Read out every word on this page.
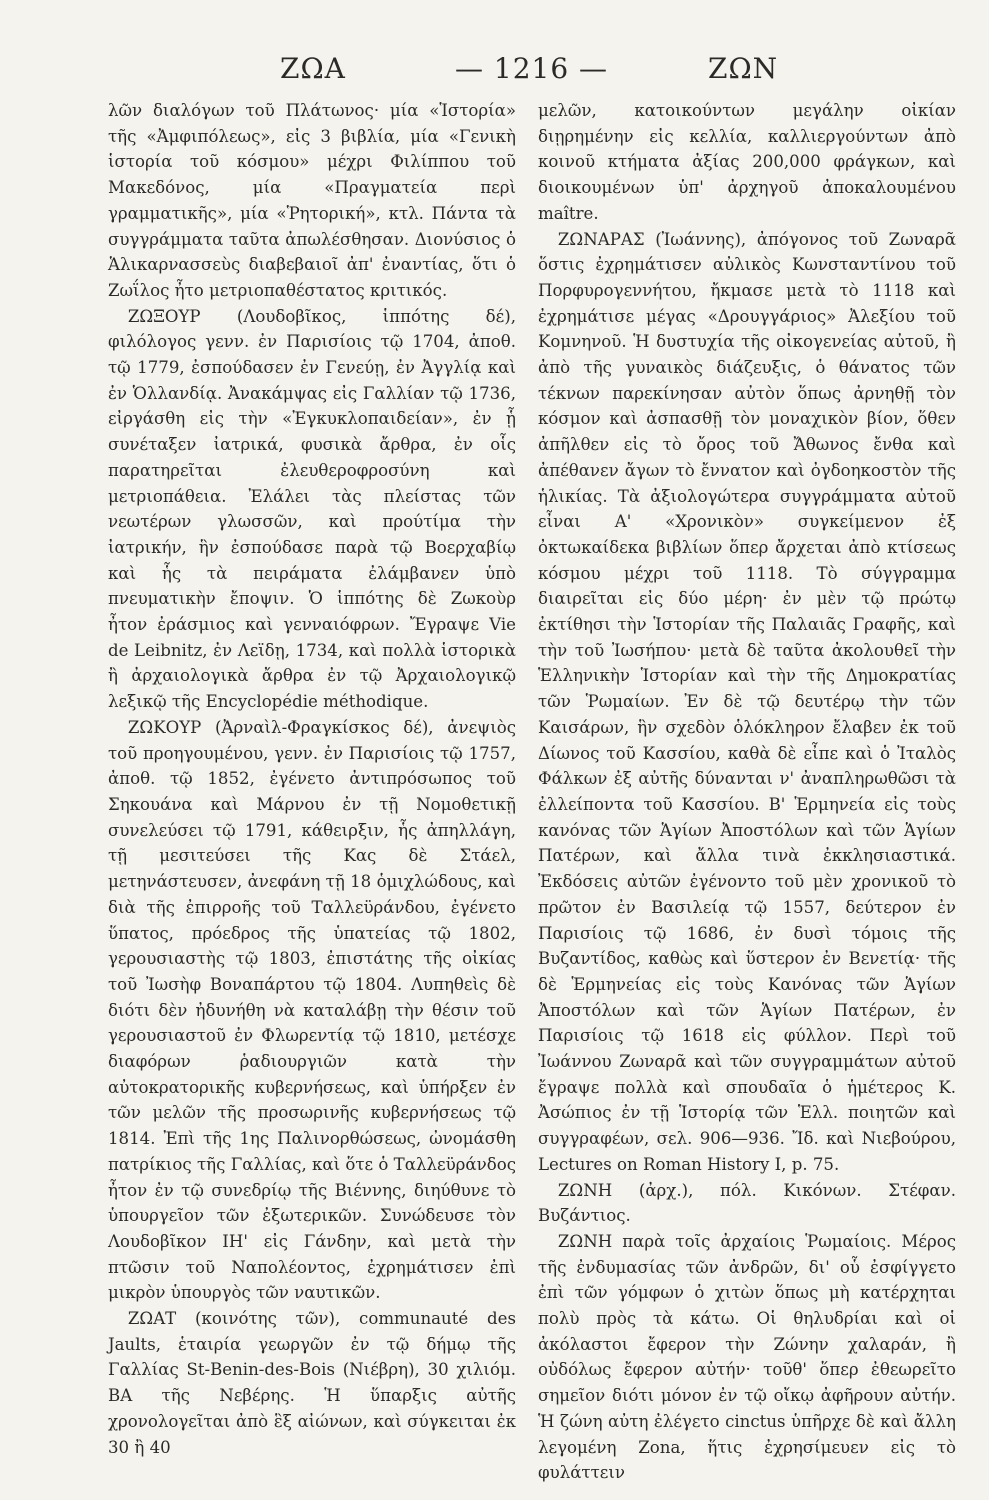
ΖΩΑ	— 1216 —	ΖΩΝ

λῶν διαλόγων τοῦ Πλάτωνος· μία «Ἱστορία» τῆς «Ἀμφιπόλεως», εἰς 3 βιβλία, μία «Γενικὴ ἱστορία τοῦ κόσμου» μέχρι Φιλίππου τοῦ Μακεδόνος, μία «Πραγματεία περὶ γραμματικῆς», μία «Ῥητορική», κτλ. Πάντα τὰ συγγράμματα ταῦτα ἀπωλέσθησαν. Διονύσιος ὁ Ἁλικαρνασσεὺς διαβεβαιοῖ ἀπ' ἐναντίας, ὅτι ὁ Ζωΐλος ἦτο μετριοπαθέστατος κριτικός.

ΖΩΞΟΥΡ (Λουδοβῖκος, ἱππότης δέ), φιλόλογος γενν. ἐν Παρισίοις τῷ 1704, ἀποθ. τῷ 1779, ἐσπούδασεν ἐν Γενεύῃ, ἐν Ἀγγλίᾳ καὶ ἐν Ὁλλανδίᾳ. Ἀνακάμψας εἰς Γαλλίαν τῷ 1736, εἰργάσθη εἰς τὴν «Ἐγκυκλοπαιδείαν», ἐν ᾗ συνέταξεν ἰατρικά, φυσικὰ ἄρθρα, ἐν οἷς παρατηρεῖται ἐλευθεροφροσύνη καὶ μετριοπάθεια. Ἐλάλει τὰς πλείστας τῶν νεωτέρων γλωσσῶν, καὶ προύτίμα τὴν ἰατρικήν, ἣν ἐσπούδασε παρὰ τῷ Βοερχαβίῳ καὶ ἧς τὰ πειράματα ἐλάμβανεν ὑπὸ πνευματικὴν ἔποψιν. Ὁ ἱππότης δὲ Ζωκοὺρ ἦτον ἐράσμιος καὶ γενναιόφρων. Ἔγραψε Vie de Leibnitz, ἐν Λεϊδῃ, 1734, καὶ πολλὰ ἱστορικὰ ἢ ἀρχαιολογικὰ ἄρθρα ἐν τῷ Ἀρχαιολογικῷ λεξικῷ τῆς Encyclopédie méthodique.

ΖΩΚΟΥΡ (Ἀρναὶλ-Φραγκίσκος δέ), ἀνεψιὸς τοῦ προηγουμένου, γενν. ἐν Παρισίοις τῷ 1757, ἀποθ. τῷ 1852, ἐγένετο ἀντιπρόσωπος τοῦ Σηκουάνα καὶ Μάρνου ἐν τῇ Νομοθετικῇ συνελεύσει τῷ 1791, κάθειρξιν, ἧς ἀπηλλάγη, τῇ μεσιτεύσει τῆς Κας δὲ Στάελ, μετηνάστευσεν, ἀνεφάνη τῇ 18 ὁμιχλώδους, καὶ διὰ τῆς ἐπιρροῆς τοῦ Ταλλεϋράνδου, ἐγένετο ὕπατος, πρόεδρος τῆς ὑπατείας τῷ 1802, γερουσιαστὴς τῷ 1803, ἐπιστάτης τῆς οἰκίας τοῦ Ἰωσὴφ Βοναπάρτου τῷ 1804. Λυπηθεὶς δὲ διότι δὲν ἠδυνήθη νὰ καταλάβῃ τὴν θέσιν τοῦ γερουσιαστοῦ ἐν Φλωρεντίᾳ τῷ 1810, μετέσχε διαφόρων ῥαδιουργιῶν κατὰ τὴν αὐτοκρατορικῆς κυβερνήσεως, καὶ ὑπήρξεν ἐν τῶν μελῶν τῆς προσωρινῆς κυβερνήσεως τῷ 1814. Ἐπὶ τῆς 1ης Παλινορθώσεως, ὠνομάσθη πατρίκιος τῆς Γαλλίας, καὶ ὅτε ὁ Ταλλεϋράνδος ἦτον ἐν τῷ συνεδρίῳ τῆς Βιέννης, διηύθυνε τὸ ὑπουργεῖον τῶν ἐξωτερικῶν. Συνώδευσε τὸν Λουδοβῖκον ΙΗ' εἰς Γάνδην, καὶ μετὰ τὴν πτῶσιν τοῦ Ναπολέοντος, ἐχρημάτισεν ἐπὶ μικρὸν ὑπουργὸς τῶν ναυτικῶν.

ΖΩΑΤ (κοινότης τῶν), communauté des Jaults, ἑταιρία γεωργῶν ἐν τῷ δήμῳ τῆς Γαλλίας St-Benin-des-Bois (Νιέβρη), 30 χιλιόμ. ΒΑ τῆς Νεβέρης. Ἡ ὕπαρξις αὐτῆς χρονολογεῖται ἀπὸ ἓξ αἰώνων, καὶ σύγκειται ἐκ 30 ἢ 40

μελῶν, κατοικούντων μεγάλην οἰκίαν διῃρημένην εἰς κελλία, καλλιεργούντων ἀπὸ κοινοῦ κτήματα ἀξίας 200,000 φράγκων, καὶ διοικουμένων ὑπ' ἀρχηγοῦ ἀποκαλουμένου maître.

ΖΩΝΑΡΑΣ (Ἰωάννης), ἀπόγονος τοῦ Ζωναρᾶ ὅστις ἐχρημάτισεν αὐλικὸς Κωνσταντίνου τοῦ Πορφυρογεννήτου, ἤκμασε μετὰ τὸ 1118 καὶ ἐχρημάτισε μέγας «Δρουγγάριος» Ἀλεξίου τοῦ Κομνηνοῦ. Ἡ δυστυχία τῆς οἰκογενείας αὐτοῦ, ἢ ἀπὸ τῆς γυναικὸς διάζευξις, ὁ θάνατος τῶν τέκνων παρεκίνησαν αὐτὸν ὅπως ἀρνηθῇ τὸν κόσμον καὶ ἀσπασθῇ τὸν μοναχικὸν βίον, ὅθεν ἀπῆλθεν εἰς τὸ ὄρος τοῦ Ἄθωνος ἔνθα καὶ ἀπέθανεν ἄγων τὸ ἔννατον καὶ ὀγδοηκοστὸν τῆς ἡλικίας. Τὰ ἀξιολογώτερα συγγράμματα αὐτοῦ εἶναι Α' «Χρονικὸν» συγκείμενον ἐξ ὀκτωκαίδεκα βιβλίων ὅπερ ἄρχεται ἀπὸ κτίσεως κόσμου μέχρι τοῦ 1118. Τὸ σύγγραμμα διαιρεῖται εἰς δύο μέρη· ἐν μὲν τῷ πρώτῳ ἐκτίθησι τὴν Ἱστορίαν τῆς Παλαιᾶς Γραφῆς, καὶ τὴν τοῦ Ἰωσήπου· μετὰ δὲ ταῦτα ἀκολουθεῖ τὴν Ἑλληνικὴν Ἱστορίαν καὶ τὴν τῆς Δημοκρατίας τῶν Ῥωμαίων. Ἐν δὲ τῷ δευτέρῳ τὴν τῶν Καισάρων, ἣν σχεδὸν ὁλόκληρον ἔλαβεν ἐκ τοῦ Δίωνος τοῦ Κασσίου, καθὰ δὲ εἶπε καὶ ὁ Ἰταλὸς Φάλκων ἐξ αὐτῆς δύνανται ν' ἀναπληρωθῶσι τὰ ἐλλείποντα τοῦ Κασσίου. Β' Ἑρμηνεία εἰς τοὺς κανόνας τῶν Ἁγίων Ἀποστόλων καὶ τῶν Ἁγίων Πατέρων, καὶ ἄλλα τινὰ ἐκκλησιαστικά. Ἐκδόσεις αὐτῶν ἐγένοντο τοῦ μὲν χρονικοῦ τὸ πρῶτον ἐν Βασιλείᾳ τῷ 1557, δεύτερον ἐν Παρισίοις τῷ 1686, ἐν δυσὶ τόμοις τῆς Βυζαντίδος, καθὼς καὶ ὕστερον ἐν Βενετίᾳ· τῆς δὲ Ἑρμηνείας εἰς τοὺς Κανόνας τῶν Ἁγίων Ἀποστόλων καὶ τῶν Ἁγίων Πατέρων, ἐν Παρισίοις τῷ 1618 εἰς φύλλον. Περὶ τοῦ Ἰωάννου Ζωναρᾶ καὶ τῶν συγγραμμάτων αὐτοῦ ἔγραψε πολλὰ καὶ σπουδαῖα ὁ ἡμέτερος Κ. Ἀσώπιος ἐν τῇ Ἱστορίᾳ τῶν Ἑλλ. ποιητῶν καὶ συγγραφέων, σελ. 906—936. Ἴδ. καὶ Νιεβούρου, Lectures on Roman History I, p. 75.

ΖΩΝΗ (ἀρχ.), πόλ. Κικόνων. Στέφαν. Βυζάντιος.

ΖΩΝΗ παρὰ τοῖς ἀρχαίοις Ῥωμαίοις. Μέρος τῆς ἐνδυμασίας τῶν ἀνδρῶν, δι' οὗ ἐσφίγγετο ἐπὶ τῶν γόμφων ὁ χιτὼν ὅπως μὴ κατέρχηται πολὺ πρὸς τὰ κάτω. Οἱ θηλυδρίαι καὶ οἱ ἀκόλαστοι ἔφερον τὴν Ζώνην χαλαράν, ἢ οὐδόλως ἔφερον αὐτήν· τοῦθ' ὅπερ ἐθεωρεῖτο σημεῖον διότι μόνον ἐν τῷ οἴκῳ ἀφῆρουν αὐτήν. Ἡ ζώνη αὐτη ἐλέγετο cinctus ὑπῆρχε δὲ καὶ ἄλλη λεγομένη Zona, ἥτις ἐχρησίμευεν εἰς τὸ φυλάττειν
